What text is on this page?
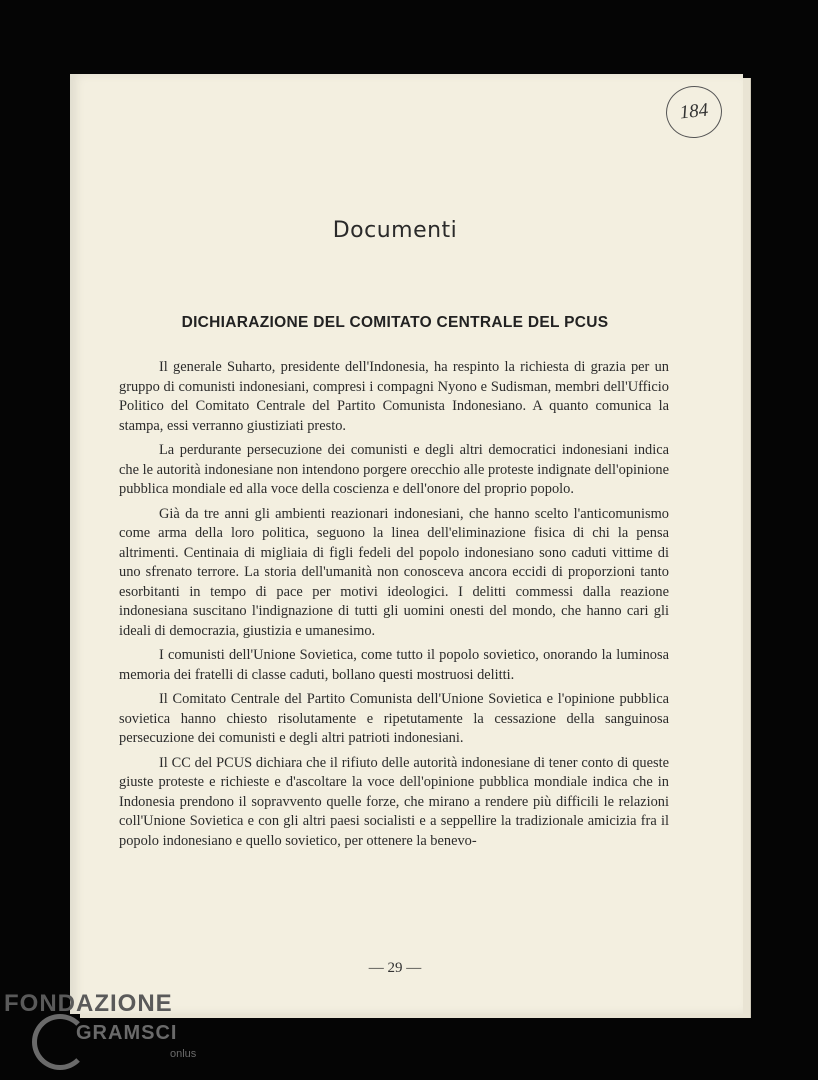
184
Documenti
DICHIARAZIONE DEL COMITATO CENTRALE DEL PCUS

Il generale Suharto, presidente dell'Indonesia, ha respinto la richiesta di grazia per un gruppo di comunisti indonesiani, compresi i compagni Nyono e Sudisman, membri dell'Ufficio Politico del Comitato Centrale del Partito Comunista Indonesiano. A quanto comunica la stampa, essi verranno giustiziati presto.

La perdurante persecuzione dei comunisti e degli altri democratici indonesiani indica che le autorità indonesiane non intendono porgere orecchio alle proteste indignate dell'opinione pubblica mondiale ed alla voce della coscienza e dell'onore del proprio popolo.

Già da tre anni gli ambienti reazionari indonesiani, che hanno scelto l'anticomunismo come arma della loro politica, seguono la linea dell'eliminazione fisica di chi la pensa altrimenti. Centinaia di migliaia di figli fedeli del popolo indonesiano sono caduti vittime di uno sfrenato terrore. La storia dell'umanità non conosceva ancora eccidi di proporzioni tanto esorbitanti in tempo di pace per motivi ideologici. I delitti commessi dalla reazione indonesiana suscitano l'indignazione di tutti gli uomini onesti del mondo, che hanno cari gli ideali di democrazia, giustizia e umanesimo.

I comunisti dell'Unione Sovietica, come tutto il popolo sovietico, onorando la luminosa memoria dei fratelli di classe caduti, bollano questi mostruosi delitti.

Il Comitato Centrale del Partito Comunista dell'Unione Sovietica e l'opinione pubblica sovietica hanno chiesto risolutamente e ripetutamente la cessazione della sanguinosa persecuzione dei comunisti e degli altri patrioti indonesiani.

Il CC del PCUS dichiara che il rifiuto delle autorità indonesiane di tener conto di queste giuste proteste e richieste e d'ascoltare la voce dell'opinione pubblica mondiale indica che in Indonesia prendono il sopravvento quelle forze, che mirano a rendere più difficili le relazioni coll'Unione Sovietica e con gli altri paesi socialisti e a seppellire la tradizionale amicizia fra il popolo indonesiano e quello sovietico, per ottenere la benevo-

— 29 —
FONDAZIONE
GRAMSCI
onlus
